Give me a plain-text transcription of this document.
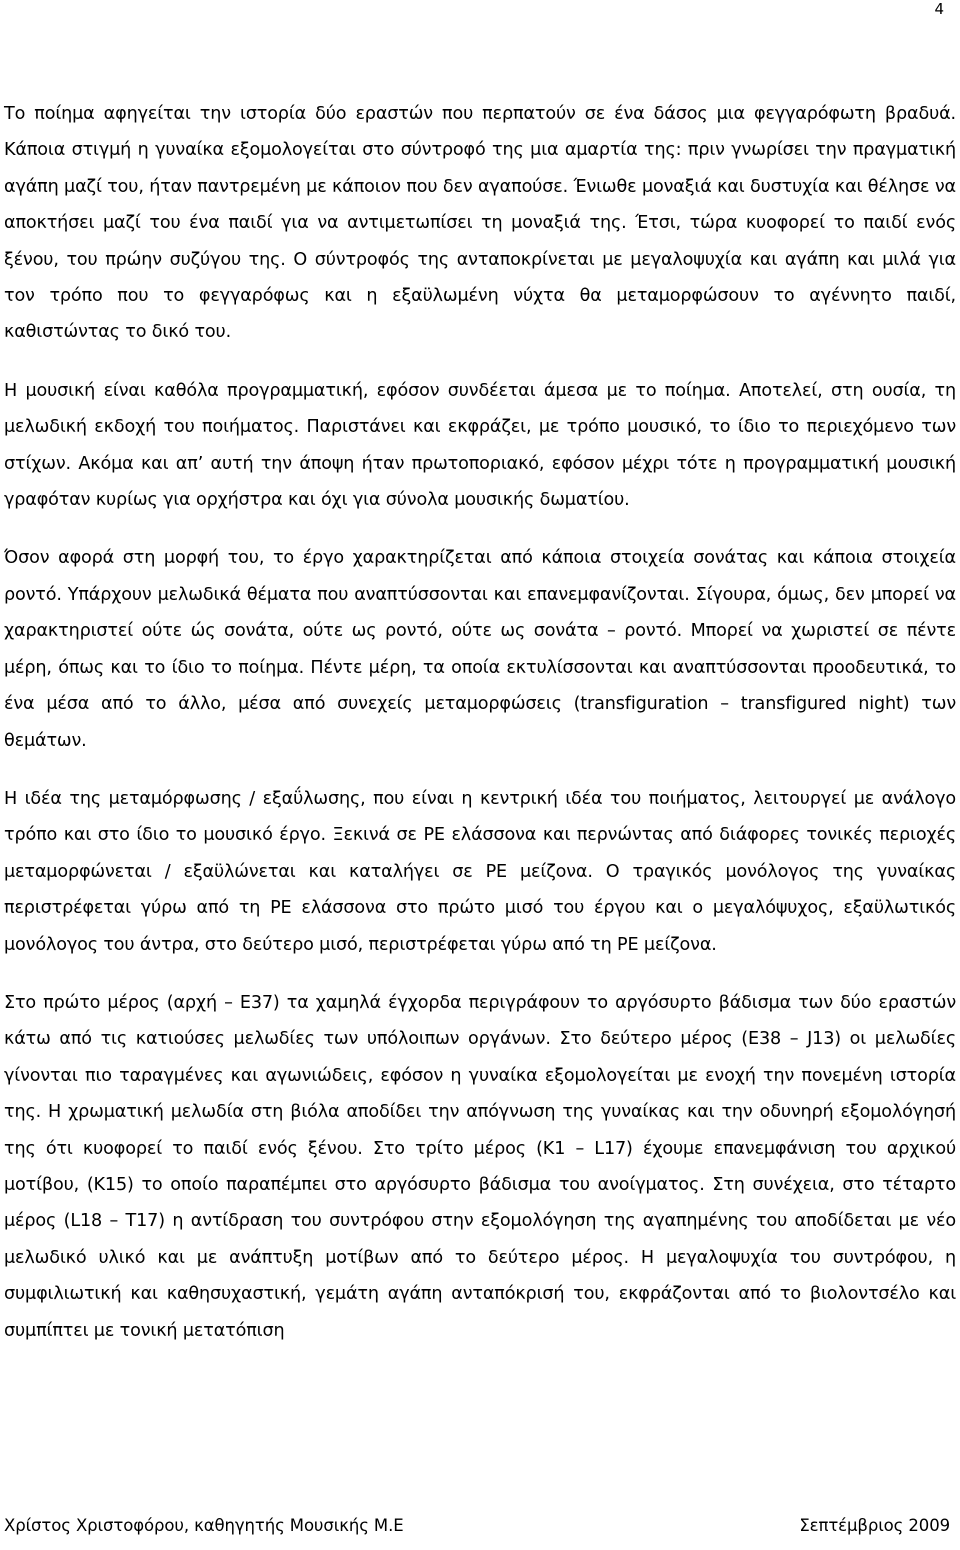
4

Το ποίημα αφηγείται την ιστορία δύο εραστών που περπατούν σε ένα δάσος μια φεγγαρόφωτη βραδυά. Κάποια στιγμή η γυναίκα εξομολογείται στο σύντροφό της μια αμαρτία της: πριν γνωρίσει την πραγματική αγάπη μαζί του, ήταν παντρεμένη με κάποιον που δεν αγαπούσε. Ένιωθε μοναξιά και δυστυχία και θέλησε να αποκτήσει μαζί του ένα παιδί για να αντιμετωπίσει τη μοναξιά της. Έτσι, τώρα κυοφορεί το παιδί ενός ξένου, του πρώην συζύγου της. Ο σύντροφός της ανταποκρίνεται με μεγαλοψυχία και αγάπη και μιλά για τον τρόπο που το φεγγαρόφως και η εξαϋλωμένη νύχτα θα μεταμορφώσουν το αγέννητο παιδί, καθιστώντας το δικό του.

Η μουσική είναι καθόλα προγραμματική, εφόσον συνδέεται άμεσα με το ποίημα. Αποτελεί, στη ουσία, τη μελωδική εκδοχή του ποιήματος. Παριστάνει και εκφράζει, με τρόπο μουσικό, το ίδιο το περιεχόμενο των στίχων. Ακόμα και απ’ αυτή την άποψη ήταν πρωτοποριακό, εφόσον μέχρι τότε η προγραμματική μουσική γραφόταν κυρίως για ορχήστρα και όχι για σύνολα μουσικής δωματίου.

Όσον αφορά στη μορφή του, το έργο χαρακτηρίζεται από κάποια στοιχεία σονάτας και κάποια στοιχεία ροντό. Υπάρχουν μελωδικά θέματα που αναπτύσσονται και επανεμφανίζονται. Σίγουρα, όμως, δεν μπορεί να χαρακτηριστεί ούτε ώς σονάτα, ούτε ως ροντό, ούτε ως σονάτα – ροντό. Μπορεί να χωριστεί σε πέντε μέρη, όπως και το ίδιο το ποίημα. Πέντε μέρη, τα οποία εκτυλίσσονται και αναπτύσσονται προοδευτικά, το ένα μέσα από το άλλο, μέσα από συνεχείς μεταμορφώσεις (transfiguration – transfigured night) των θεμάτων.

Η ιδέα της μεταμόρφωσης / εξαΰλωσης, που είναι η κεντρική ιδέα του ποιήματος, λειτουργεί με ανάλογο τρόπο και στο ίδιο το μουσικό έργο. Ξεκινά σε ΡΕ ελάσσονα και περνώντας από διάφορες τονικές περιοχές μεταμορφώνεται / εξαϋλώνεται και καταλήγει σε ΡΕ μείζονα. Ο τραγικός μονόλογος της γυναίκας περιστρέφεται γύρω από τη ΡΕ ελάσσονα στο πρώτο μισό του έργου και ο μεγαλόψυχος, εξαϋλωτικός μονόλογος του άντρα, στο δεύτερο μισό, περιστρέφεται γύρω από τη ΡΕ μείζονα.

Στο πρώτο μέρος (αρχή – Ε37) τα χαμηλά έγχορδα περιγράφουν το αργόσυρτο βάδισμα των δύο εραστών κάτω από τις κατιούσες μελωδίες των υπόλοιπων οργάνων. Στο δεύτερο μέρος (Ε38 – J13) οι μελωδίες γίνονται πιο ταραγμένες και αγωνιώδεις, εφόσον η γυναίκα εξομολογείται με ενοχή την πονεμένη ιστορία της. Η χρωματική μελωδία στη βιόλα αποδίδει την απόγνωση της γυναίκας και την οδυνηρή εξομολόγησή της ότι κυοφορεί το παιδί ενός ξένου. Στο τρίτο μέρος (Κ1 – L17) έχουμε επανεμφάνιση του αρχικού μοτίβου, (Κ15) το οποίο παραπέμπει στο αργόσυρτο βάδισμα του ανοίγματος. Στη συνέχεια, στο τέταρτο μέρος (L18 – Τ17) η αντίδραση του συντρόφου στην εξομολόγηση της αγαπημένης του αποδίδεται με νέο μελωδικό υλικό και με ανάπτυξη μοτίβων από το δεύτερο μέρος. Η μεγαλοψυχία του συντρόφου, η συμφιλιωτική και καθησυχαστική, γεμάτη αγάπη ανταπόκρισή του, εκφράζονται από το βιολοντσέλο και συμπίπτει με τονική μετατόπιση

Χρίστος Χριστοφόρου, καθηγητής Μουσικής Μ.Ε	Σεπτέμβριος 2009
